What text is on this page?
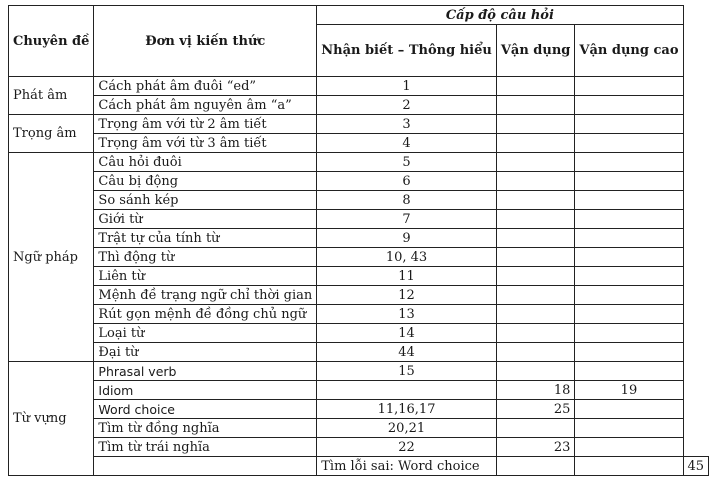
Chuyên đề	Đơn vị kiến thức	Cấp độ câu hỏi			
		Nhận biết – Thông hiểu	Vận dụng	Vận dụng cao	
Phát âm	Cách phát âm đuôi “ed”	1			
	Cách phát âm nguyên âm “a”	2			
Trọng âm	Trọng âm với từ 2 âm tiết	3			
	Trọng âm với từ 3 âm tiết	4			
Ngữ pháp	Câu hỏi đuôi	5			
	Câu bị động	6			
	So sánh kép	8			
	Giới từ	7			
	Trật tự của tính từ	9			
	Thì động từ	10, 43			
	Liên từ	11			
	Mệnh đề trạng ngữ chỉ thời gian	12			
	Rút gọn mệnh đề đồng chủ ngữ	13			
	Loại từ	14			
	Đại từ	44			
Từ vựng	Phrasal verb	15			
	Idiom		18	19	
	Word choice	11,16,17	25		
	Tìm từ đồng nghĩa	20,21			
	Tìm từ trái nghĩa	22	23		
		Tìm lỗi sai: Word choice			45
